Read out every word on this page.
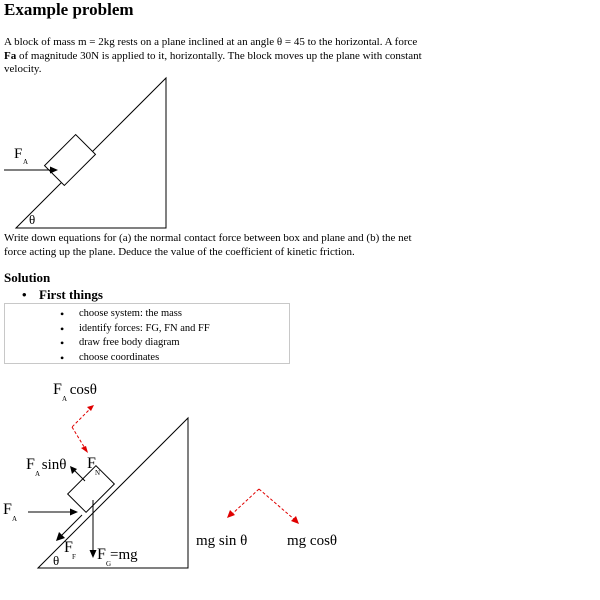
Example problem

A block of mass m = 2kg rests on a plane inclined at an angle θ = 45 to the horizontal. A force Fa of magnitude 30N is applied to it, horizontally. The block moves up the plane with constant velocity.

F A
θ

Write down equations for (a) the normal contact force between box and plane and (b) the net force acting up the plane. Deduce the value of the coefficient of kinetic friction.

Solution
• First things
• choose system: the mass
• identify forces: FG, FN and FF
• draw free body diagram
• choose coordinates
F
A
cosθ
F
A
sinθ F
N
F
A
F
F F
G
=mg
θ
mg sin θ	mg cosθ
